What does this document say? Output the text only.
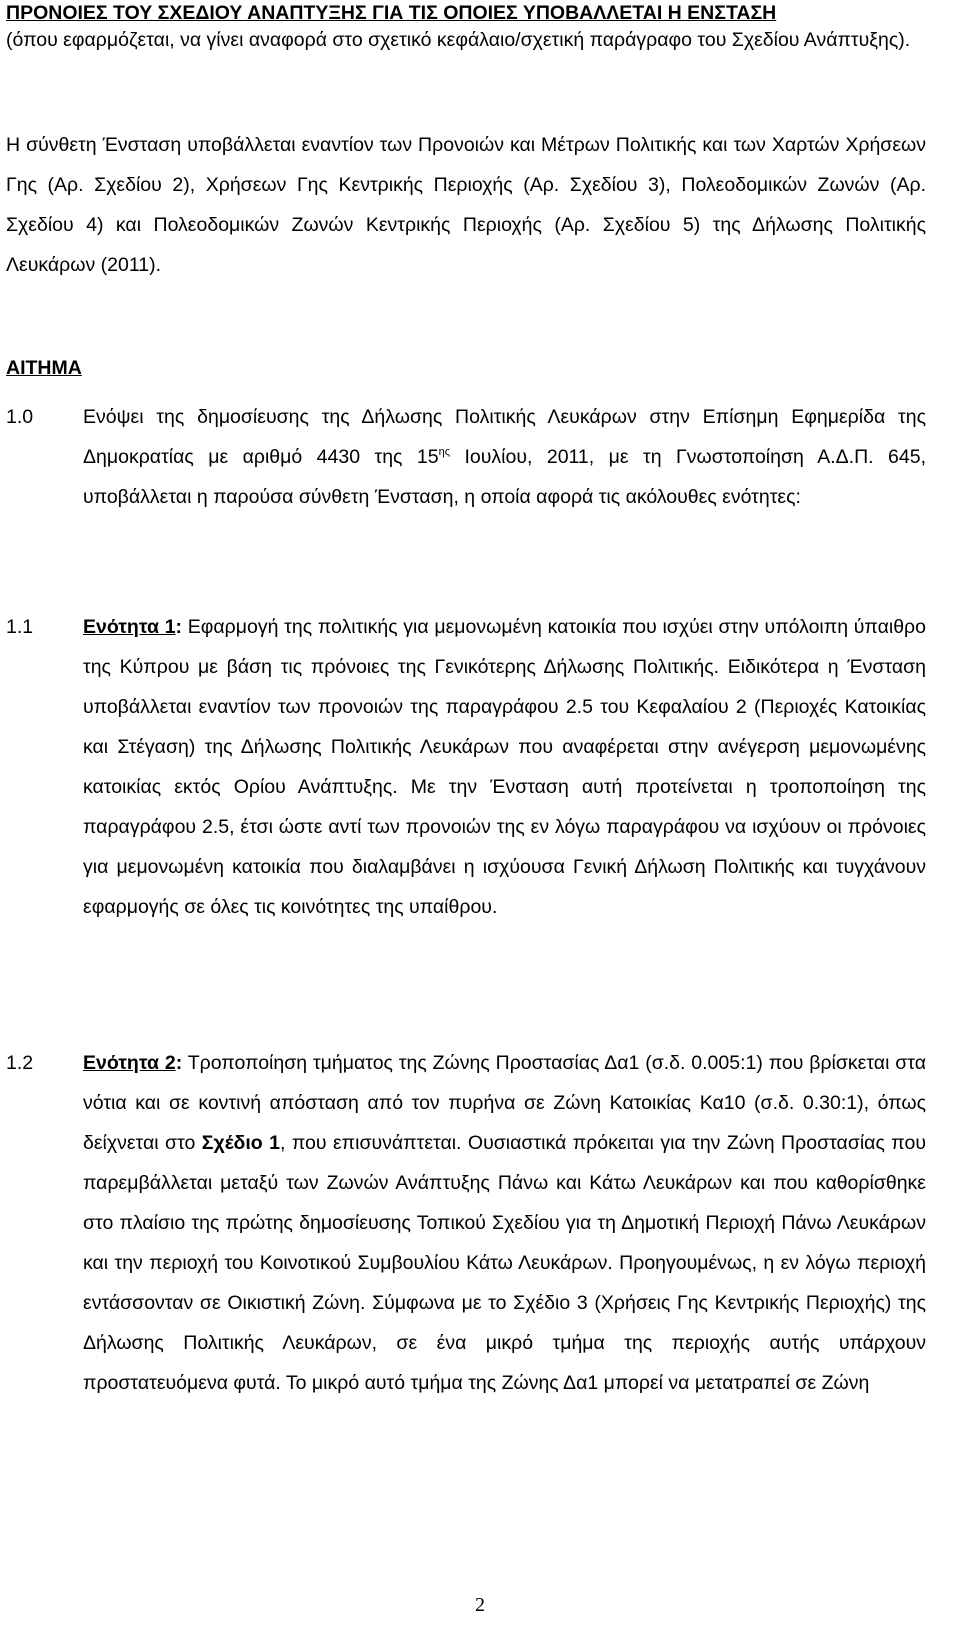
ΠΡΟΝΟΙΕΣ ΤΟΥ ΣΧΕΔΙΟΥ ΑΝΑΠΤΥΞΗΣ ΓΙΑ ΤΙΣ ΟΠΟΙΕΣ ΥΠΟΒΑΛΛΕΤΑΙ Η ΕΝΣΤΑΣΗ
(όπου εφαρμόζεται, να γίνει αναφορά στο σχετικό κεφάλαιο/σχετική παράγραφο του Σχεδίου Ανάπτυξης).
Η σύνθετη Ένσταση υποβάλλεται εναντίον των Προνοιών και Μέτρων Πολιτικής και των Χαρτών Χρήσεων Γης (Αρ. Σχεδίου 2), Χρήσεων Γης Κεντρικής Περιοχής (Αρ. Σχεδίου 3), Πολεοδομικών Ζωνών (Αρ. Σχεδίου 4) και Πολεοδομικών Ζωνών Κεντρικής Περιοχής (Αρ. Σχεδίου 5) της Δήλωσης Πολιτικής Λευκάρων (2011).
ΑΙΤΗΜΑ
1.0	Ενόψει της δημοσίευσης της Δήλωσης Πολιτικής Λευκάρων στην Επίσημη Εφημερίδα της Δημοκρατίας με αριθμό 4430 της $15^{\eta\varsigma}$ Ιουλίου, 2011, με τη Γνωστοποίηση Α.Δ.Π. 645, υποβάλλεται η παρούσα σύνθετη Ένσταση, η οποία αφορά τις ακόλουθες ενότητες:
1.1	Ενότητα 1: Εφαρμογή της πολιτικής για μεμονωμένη κατοικία που ισχύει στην υπόλοιπη ύπαιθρο της Κύπρου με βάση τις πρόνοιες της Γενικότερης Δήλωσης Πολιτικής. Ειδικότερα η Ένσταση υποβάλλεται εναντίον των προνοιών της παραγράφου 2.5 του Κεφαλαίου 2 (Περιοχές Κατοικίας και Στέγαση) της Δήλωσης Πολιτικής Λευκάρων που αναφέρεται στην ανέγερση μεμονωμένης κατοικίας εκτός Ορίου Ανάπτυξης. Με την Ένσταση αυτή προτείνεται η τροποποίηση της παραγράφου 2.5, έτσι ώστε αντί των προνοιών της εν λόγω παραγράφου να ισχύουν οι πρόνοιες για μεμονωμένη κατοικία που διαλαμβάνει η ισχύουσα Γενική Δήλωση Πολιτικής και τυγχάνουν εφαρμογής σε όλες τις κοινότητες της υπαίθρου.
1.2	Ενότητα 2: Τροποποίηση τμήματος της Ζώνης Προστασίας Δα1 (σ.δ. 0.005:1) που βρίσκεται στα νότια και σε κοντινή απόσταση από τον πυρήνα σε Ζώνη Κατοικίας Κα10 (σ.δ. 0.30:1), όπως δείχνεται στο Σχέδιο 1, που επισυνάπτεται. Ουσιαστικά πρόκειται για την Ζώνη Προστασίας που παρεμβάλλεται μεταξύ των Ζωνών Ανάπτυξης Πάνω και Κάτω Λευκάρων και που καθορίσθηκε στο πλαίσιο της πρώτης δημοσίευσης Τοπικού Σχεδίου για τη Δημοτική Περιοχή Πάνω Λευκάρων και την περιοχή του Κοινοτικού Συμβουλίου Κάτω Λευκάρων. Προηγουμένως, η εν λόγω περιοχή εντάσσονταν σε Οικιστική Ζώνη. Σύμφωνα με το Σχέδιο 3 (Χρήσεις Γης Κεντρικής Περιοχής) της Δήλωσης Πολιτικής Λευκάρων, σε ένα μικρό τμήμα της περιοχής αυτής υπάρχουν προστατευόμενα φυτά. Το μικρό αυτό τμήμα της Ζώνης Δα1 μπορεί να μετατραπεί σε Ζώνη
2
